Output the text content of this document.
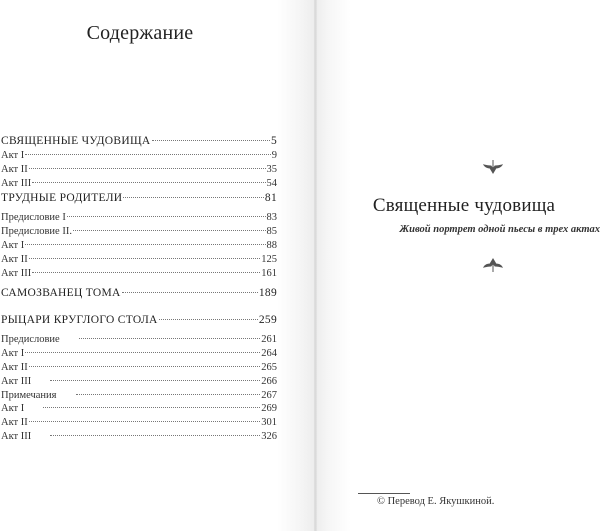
Содержание
СВЯЩЕННЫЕ ЧУДОВИЩА	5
Акт I	9
Акт II	35
Акт III	54
ТРУДНЫЕ РОДИТЕЛИ	81
Предисловие I	83
Предисловие II.	85
Акт I	88
Акт II	125
Акт III	161
САМОЗВАНЕЦ ТОМА	189
РЫЦАРИ КРУГЛОГО СТОЛА	259
Предисловие	261
Акт I	264
Акт II	265
Акт III	266
Примечания	267
Акт I	269
Акт II	301
Акт III	326
Священные чудовища
Живой портрет одной пьесы в трех актах
© Перевод Е. Якушкиной.
